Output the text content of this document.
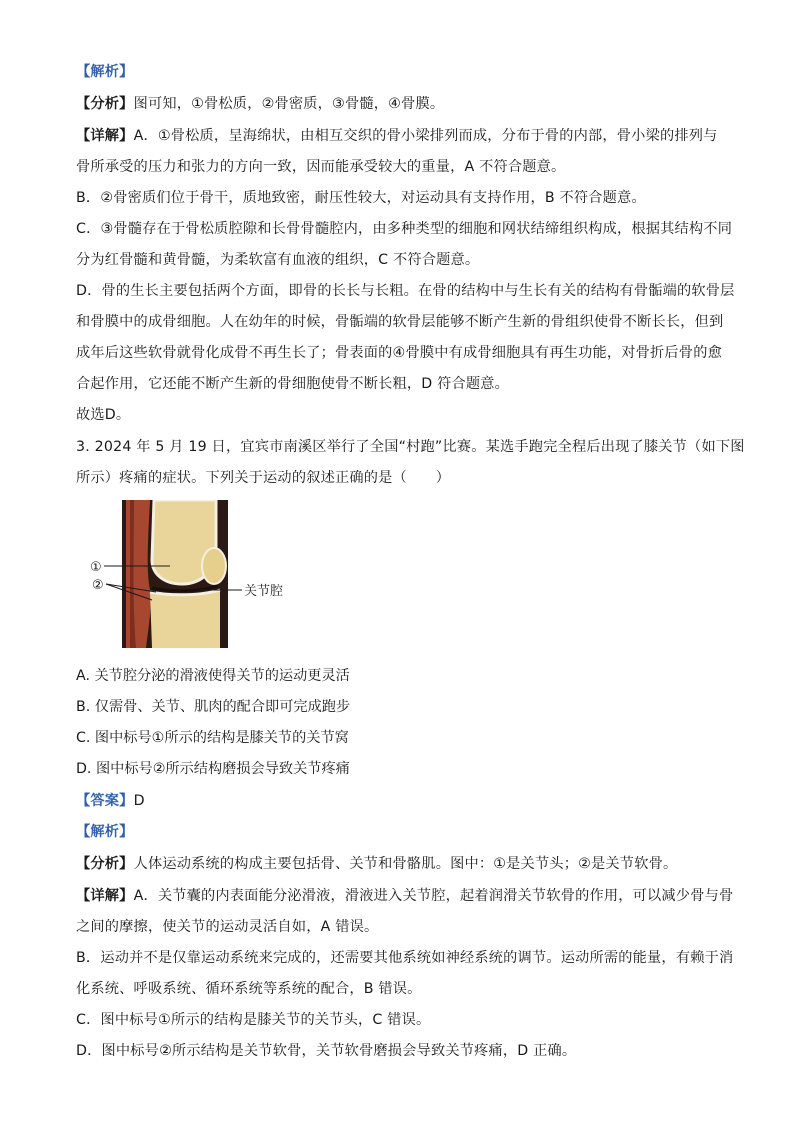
【解析】
【分析】图可知，①骨松质，②骨密质，③骨髓，④骨膜。
【详解】A．①骨松质，呈海绵状，由相互交织的骨小梁排列而成，分布于骨的内部，骨小梁的排列与
骨所承受的压力和张力的方向一致，因而能承受较大的重量，A 不符合题意。
B．②骨密质们位于骨干，质地致密，耐压性较大，对运动具有支持作用，B 不符合题意。
C．③骨髓存在于骨松质腔隙和长骨骨髓腔内，由多种类型的细胞和网状结缔组织构成，根据其结构不同
分为红骨髓和黄骨髓，为柔软富有血液的组织，C 不符合题意。
D．骨的生长主要包括两个方面，即骨的长长与长粗。在骨的结构中与生长有关的结构有骨骺端的软骨层
和骨膜中的成骨细胞。人在幼年的时候，骨骺端的软骨层能够不断产生新的骨组织使骨不断长长，但到
成年后这些软骨就骨化成骨不再生长了；骨表面的④骨膜中有成骨细胞具有再生功能，对骨折后骨的愈
合起作用，它还能不断产生新的骨细胞使骨不断长粗，D 符合题意。
故选D。
3. 2024 年 5 月 19 日，宜宾市南溪区举行了全国“村跑”比赛。某选手跑完全程后出现了膝关节（如下图
所示）疼痛的症状。下列关于运动的叙述正确的是（　　）
①
②	关节腔
A. 关节腔分泌的滑液使得关节的运动更灵活
B. 仅需骨、关节、肌肉的配合即可完成跑步
C. 图中标号①所示的结构是膝关节的关节窝
D. 图中标号②所示结构磨损会导致关节疼痛
【答案】D
【解析】
【分析】人体运动系统的构成主要包括骨、关节和骨骼肌。图中：①是关节头；②是关节软骨。
【详解】A．关节囊的内表面能分泌滑液，滑液进入关节腔，起着润滑关节软骨的作用，可以减少骨与骨
之间的摩擦，使关节的运动灵活自如，A 错误。
B．运动并不是仅靠运动系统来完成的，还需要其他系统如神经系统的调节。运动所需的能量，有赖于消
化系统、呼吸系统、循环系统等系统的配合，B 错误。
C．图中标号①所示的结构是膝关节的关节头，C 错误。
D．图中标号②所示结构是关节软骨，关节软骨磨损会导致关节疼痛，D 正确。
